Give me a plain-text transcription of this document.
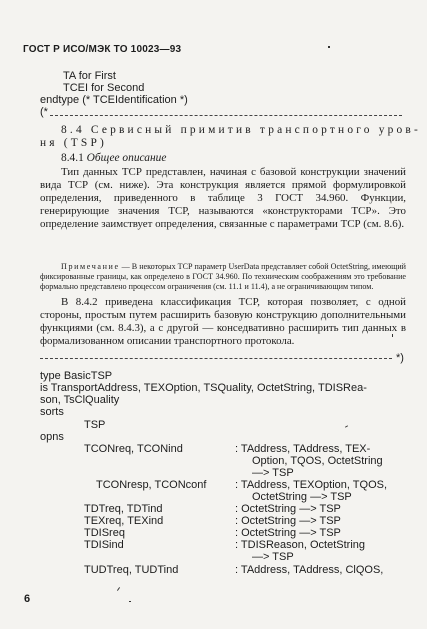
ГОСТ Р ИСО/МЭК ТО 10023—93
TA for First
TCEI for Second
endtype (* TCEIdentification *)
(*
8.4 Сервисный примитив транспортного уров-
ня (TSP)
8.4.1 Общее описание
Тип данных ТСР представлен, начиная с базовой конструкции значений вида ТСР (см. ниже). Эта конструкция является прямой формулировкой определения, приведенного в таблице 3 ГОСТ 34.960. Функции, генерирующие значения ТСР, называются «конструкторами ТСР». Это определение заимствует определения, связанные с параметрами ТСР (см. 8.6).
Примечание — В некоторых ТСР параметр UserData представляет собой OctetString, имеющий фиксированные границы, как определено в ГОСТ 34.960. По техническим соображениям это требование формально представлено процессом ограничения (см. 11.1 и 11.4), а не ограничивающим типом.
В 8.4.2 приведена классификация ТСР, которая позволяет, с одной стороны, простым путем расширить базовую конструкцию дополнительными функциями (см. 8.4.3), а с другой — конседвативно расширить тип данных в формализованном описании транспортного протокола.
*)
type BasicTSP
is TransportAddress, TEXOption, TSQuality, OctetString, TDISRea-
son, TsClQuality
sorts
TSP
opns
TCONreq, TCONind	: TAddress, TAddress, TEX-
Option, TQOS, OctetString
—> TSP
TCONresp, TCONconf	: TAddress, TEXOption, TQOS,
OctetString —> TSP
TDTreq, TDTind	: OctetString —> TSP
TEXreq, TEXind	: OctetString —> TSP
TDISreq	: OctetString —> TSP
TDISind	: TDISReason, OctetString
—> TSP
TUDTreq, TUDTind	: TAddress, TAddress, ClQOS,
6
